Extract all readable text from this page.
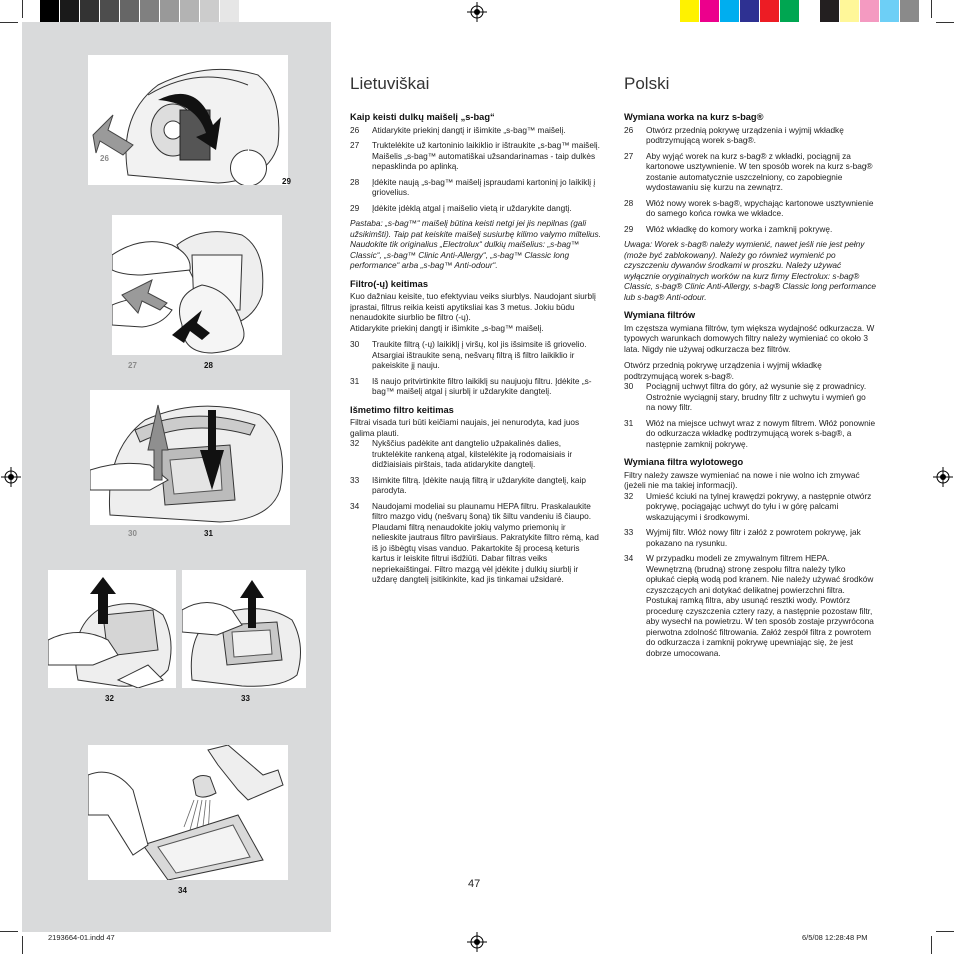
26
29
27	28
30	31
32	33
34
Lietuviškai
Kaip keisti dulkų maišelį „s-bag“
26	Atidarykite priekinį dangtį ir išimkite „s-bag™ maišelį.
27	Truktelėkite už kartoninio laikiklio ir ištraukite „s-bag™ maišelį. Maišelis „s-bag™ automatiškai užsandarinamas - taip dulkės nepasklinda po aplinką.
28	Įdėkite naują „s-bag™ maišelį įspraudami kartoninį jo laikiklį į griovelius.
29	Įdėkite įdėklą atgal į maišelio vietą ir uždarykite dangtį.

Pastaba: „s-bag™“ maišelį būtina keisti netgi jei jis nepilnas (gali užsikimšti). Taip pat keiskite maišelį susiurbę kilimo valymo miltelius. Naudokite tik originalius „Electrolux“ dulkių maišelius: „s-bag™ Classic“, „s-bag™ Clinic Anti-Allergy“, „s-bag™ Classic long performance“ arba „s-bag™ Anti-odour“.

Filtro(-ų) keitimas

Kuo dažniau keisite, tuo efektyviau veiks siurblys. Naudojant siurblį įprastai, filtrus reikia keisti apytiksliai kas 3 metus. Jokiu būdu nenaudokite siurblio be filtro (-ų).
Atidarykite priekinį dangtį ir išimkite „s-bag™ maišelį.

30	Traukite filtrą (-ų) laikiklį į viršų, kol jis išsimsite iš griovelio. Atsargiai ištraukite seną, nešvarų filtrą iš filtro laikiklio ir pakeiskite jį nauju.
31	Iš naujo pritvirtinkite filtro laikiklį su naujuoju filtru. Įdėkite „s-bag™ maišelį atgal į siurblį ir uždarykite dangtelį.
Išmetimo filtro keitimas

Filtrai visada turi būti keičiami naujais, jei nenurodyta, kad juos galima plauti.

32	Nykščius padėkite ant dangtelio užpakalinės dalies, truktelėkite rankeną atgal, kilstelėkite ją rodomaisiais ir didžiaisiais pirštais, tada atidarykite dangtelį.
33	Išimkite filtrą. Įdėkite naują filtrą ir uždarykite dangtelį, kaip parodyta.
34	Naudojami modeliai su plaunamu HEPA filtru. Praskalaukite filtro mazgo vidų (nešvarų šoną) tik šiltu vandeniu iš čiaupo. Plaudami filtrą nenaudokite jokių valymo priemonių ir nelieskite jautraus filtro paviršiaus. Pakratykite filtro rėmą, kad iš jo išbėgtų visas vanduo. Pakartokite šį procesą keturis kartus ir leiskite filtrui išdžiūti. Dabar filtras veiks nepriekaištingai. Filtro mazgą vėl įdėkite į dulkių siurblį ir uždarę dangtelį įsitikinkite, kad jis tinkamai užsidarė.
Polski
Wymiana worka na kurz s-bag®
26	Otwórz przednią pokrywę urządzenia i wyjmij wkładkę podtrzymującą worek s-bag®.
27	Aby wyjąć worek na kurz s-bag® z wkładki, pociągnij za kartonowe usztywnienie. W ten sposób worek na kurz s-bag® zostanie automatycznie uszczelniony, co zapobiegnie wydostawaniu się kurzu na zewnątrz.
28	Włóż nowy worek s-bag®, wpychając kartonowe usztywnienie do samego końca rowka we wkładce.
29	Włóż wkładkę do komory worka i zamknij pokrywę.

Uwaga: Worek s-bag® należy wymienić, nawet jeśli nie jest pełny (może być zablokowany). Należy go również wymienić po czyszczeniu dywanów środkami w proszku. Należy używać wyłącznie oryginalnych worków na kurz firmy Electrolux: s-bag® Classic, s-bag® Clinic Anti-Allergy, s-bag® Classic long performance lub s-bag® Anti-odour.

Wymiana filtrów

Im częstsza wymiana filtrów, tym większa wydajność odkurzacza. W typowych warunkach domowych filtry należy wymieniać co około 3 lata. Nigdy nie używaj odkurzacza bez filtrów.

Otwórz przednią pokrywę urządzenia i wyjmij wkładkę podtrzymującą worek s-bag®.

30	Pociągnij uchwyt filtra do góry, aż wysunie się z prowadnicy. Ostrożnie wyciągnij stary, brudny filtr z uchwytu i wymień go na nowy filtr.
31	Włóż na miejsce uchwyt wraz z nowym filtrem. Włóż ponownie do odkurzacza wkładkę podtrzymującą worek s-bag®, a następnie zamknij pokrywę.
Wymiana filtra wylotowego

Filtry należy zawsze wymieniać na nowe i nie wolno ich zmywać (jeżeli nie ma takiej informacji).

32	Umieść kciuki na tylnej krawędzi pokrywy, a następnie otwórz pokrywę, pociągając uchwyt do tyłu i w górę palcami wskazującymi i środkowymi.
33	Wyjmij filtr. Włóż nowy filtr i załóż z powrotem pokrywę, jak pokazano na rysunku.
34	W przypadku modeli ze zmywalnym filtrem HEPA. Wewnętrzną (brudną) stronę zespołu filtra należy tylko opłukać ciepłą wodą pod kranem. Nie należy używać środków czyszczących ani dotykać delikatnej powierzchni filtra. Postukaj ramką filtra, aby usunąć resztki wody. Powtórz procedurę czyszczenia cztery razy, a następnie pozostaw filtr, aby wysechł na powietrzu. W ten sposób zostaje przywrócona pierwotna zdolność filtrowania. Załóż zespół filtra z powrotem do odkurzacza i zamknij pokrywę upewniając się, że jest dobrze umocowana.
47
2193664-01.indd 47	6/5/08 12:28:48 PM
